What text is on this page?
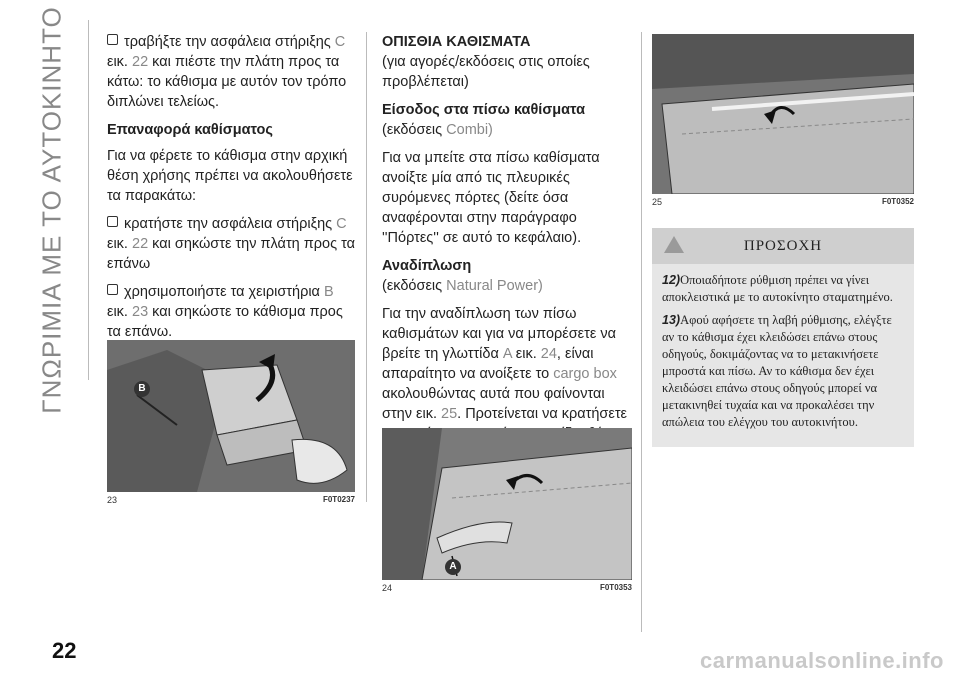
ΓΝΩΡΙΜΙΑ ΜΕ ΤΟ ΑΥΤΟΚΙΝΗΤΟ	τραβήξτε την ασφάλεια στήριξης C εικ. 22 και πιέστε την πλάτη προς τα κάτω: το κάθισμα με αυτόν τον τρόπο διπλώνει τελείως.

Επαναφορά καθίσματος

Για να φέρετε το κάθισμα στην αρχική θέση χρήσης πρέπει να ακολουθήσετε τα παρακάτω:

κρατήστε την ασφάλεια στήριξης C εικ. 22 και σηκώστε την πλάτη προς τα επάνω

χρησιμοποιήστε τα χειριστήρια B εικ. 23 και σηκώστε το κάθισμα προς τα επάνω.

B
23	F0T0237
ΟΠΙΣΘΙΑ ΚΑΘΙΣΜΑΤΑ

(για αγορές/εκδόσεις στις οποίες προβλέπεται)

Είσοδος στα πίσω καθίσματα

(εκδόσεις Combi)

Για να μπείτε στα πίσω καθίσματα ανοίξτε μία από τις πλευρικές συρόμενες πόρτες (δείτε όσα αναφέρονται στην παράγραφο ''Πόρτες'' σε αυτό το κεφάλαιο).

Αναδίπλωση

(εκδόσεις Natural Power)

Για την αναδίπλωση των πίσω καθισμάτων και για να μπορέσετε να βρείτε τη γλωττίδα A εικ. 24, είναι απαραίτητο να ανοίξετε το cargo box ακολουθώντας αυτά που φαίνονται στην εικ. 25. Προτείνεται να κρατήσετε

A
24	F0T0353
25	F0T0352
ΠΡΟΣΟΧΗ

12)Οποιαδήποτε ρύθμιση πρέπει να γίνει αποκλειστικά με το αυτοκίνητο σταματημένο.

13)Αφού αφήσετε τη λαβή ρύθμισης, ελέγξτε αν το κάθισμα έχει κλειδώσει επάνω στους οδηγούς, δοκιμάζοντας να το μετακινήσετε μπροστά και πίσω. Αν το κάθισμα δεν έχει κλειδώσει επάνω στους οδηγούς μπορεί να μετακινηθεί τυχαία και να προκαλέσει την απώλεια του ελέγχου του αυτοκινήτου.

22	carmanualsonline.info
